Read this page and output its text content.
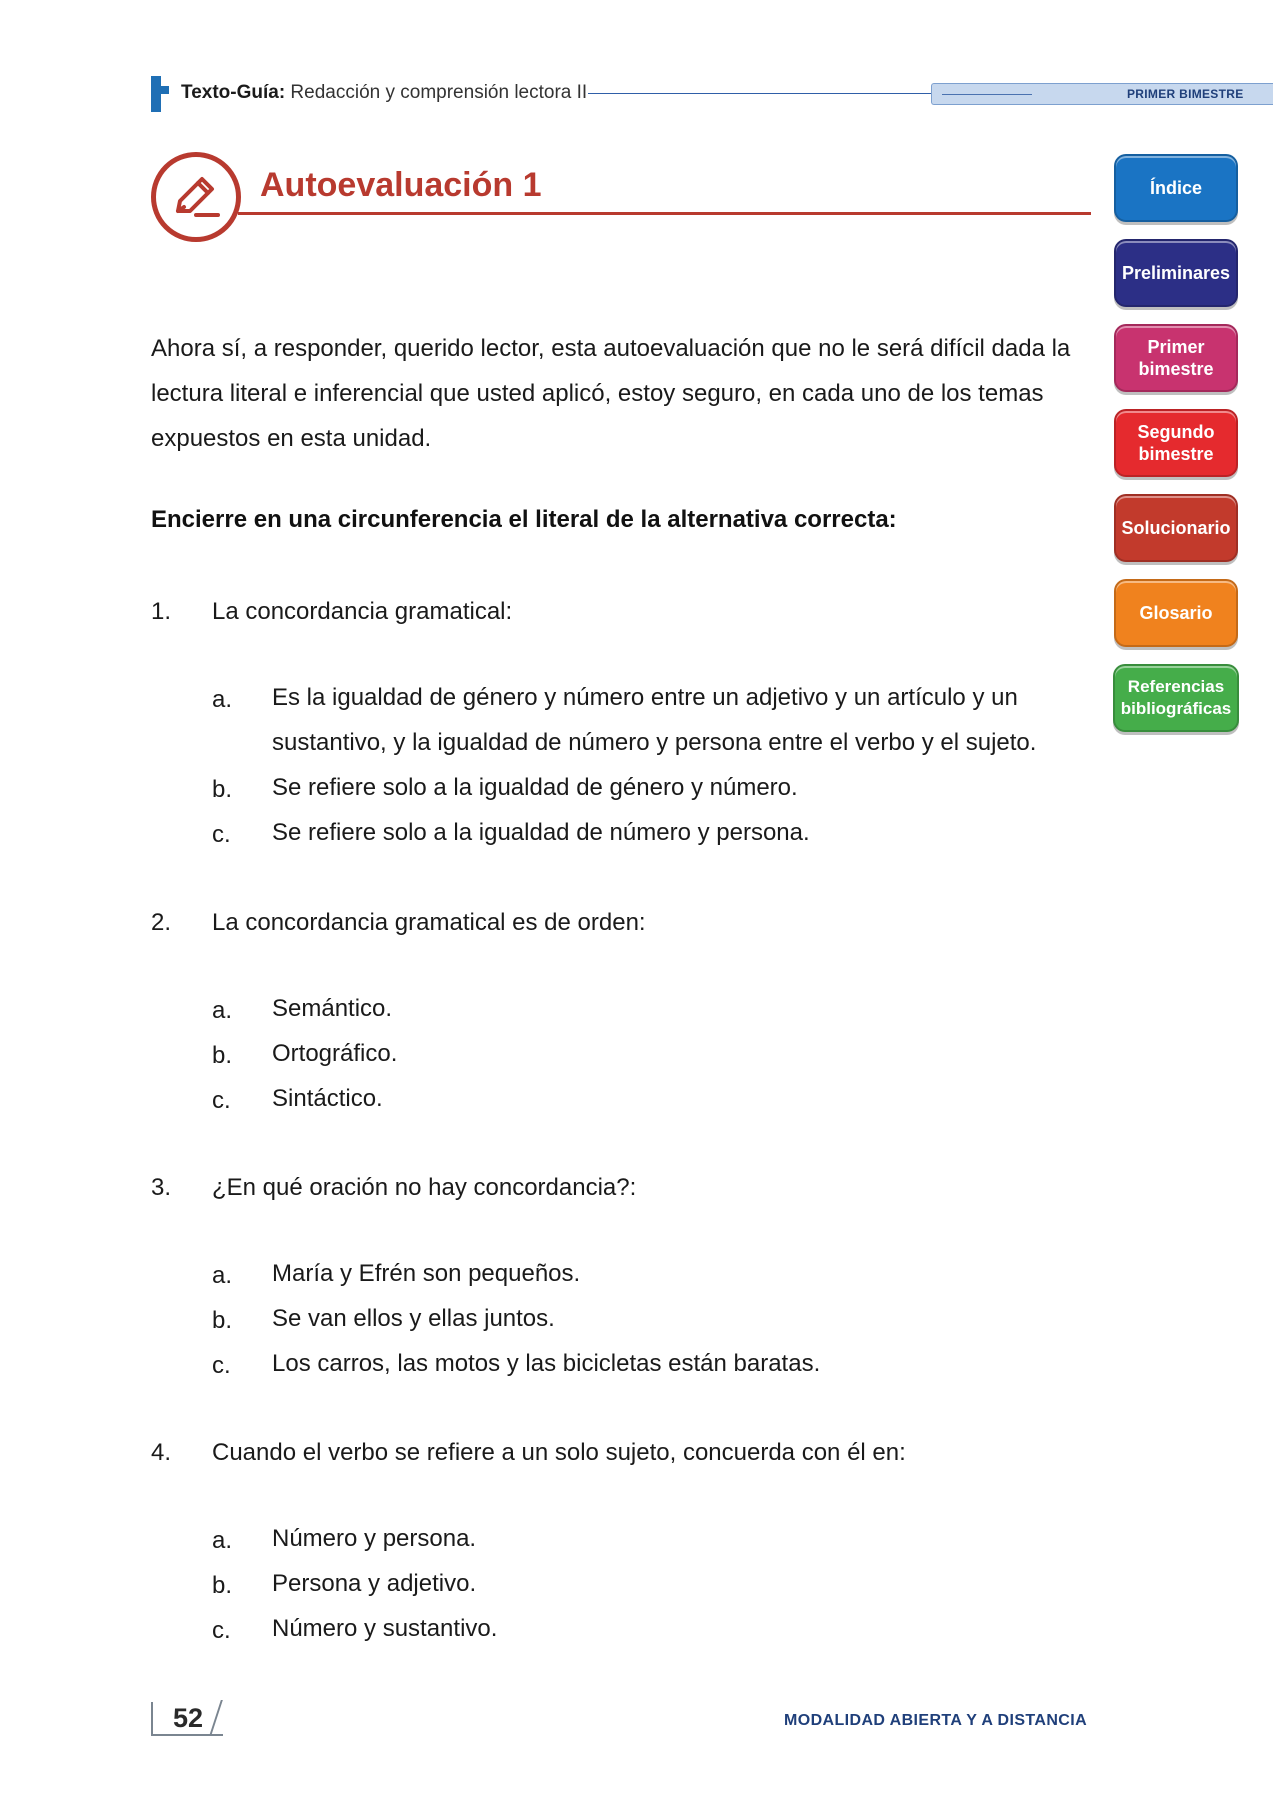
Texto-Guía: Redacción y comprensión lectora II	PRIMER BIMESTRE
Autoevaluación 1
Ahora sí, a responder, querido lector, esta autoevaluación que no le será difícil dada la lectura literal e inferencial que usted aplicó, estoy seguro, en cada uno de los temas expuestos en esta unidad.
Encierre en una circunferencia el literal de la alternativa correcta:
1. La concordancia gramatical:
a. Es la igualdad de género y número entre un adjetivo y un artículo y un sustantivo, y la igualdad de número y persona entre el verbo y el sujeto.
b. Se refiere solo a la igualdad de género y número.
c. Se refiere solo a la igualdad de número y persona.
2. La concordancia gramatical es de orden:
a. Semántico.
b. Ortográfico.
c. Sintáctico.
3. ¿En qué oración no hay concordancia?:
a. María y Efrén son pequeños.
b. Se van ellos y ellas juntos.
c. Los carros, las motos y las bicicletas están baratas.
4. Cuando el verbo se refiere a un solo sujeto, concuerda con él en:
a. Número y persona.
b. Persona y adjetivo.
c. Número y sustantivo.
Índice
Preliminares
Primer bimestre
Segundo bimestre
Solucionario
Glosario
Referencias bibliográficas
52	MODALIDAD ABIERTA Y A DISTANCIA
